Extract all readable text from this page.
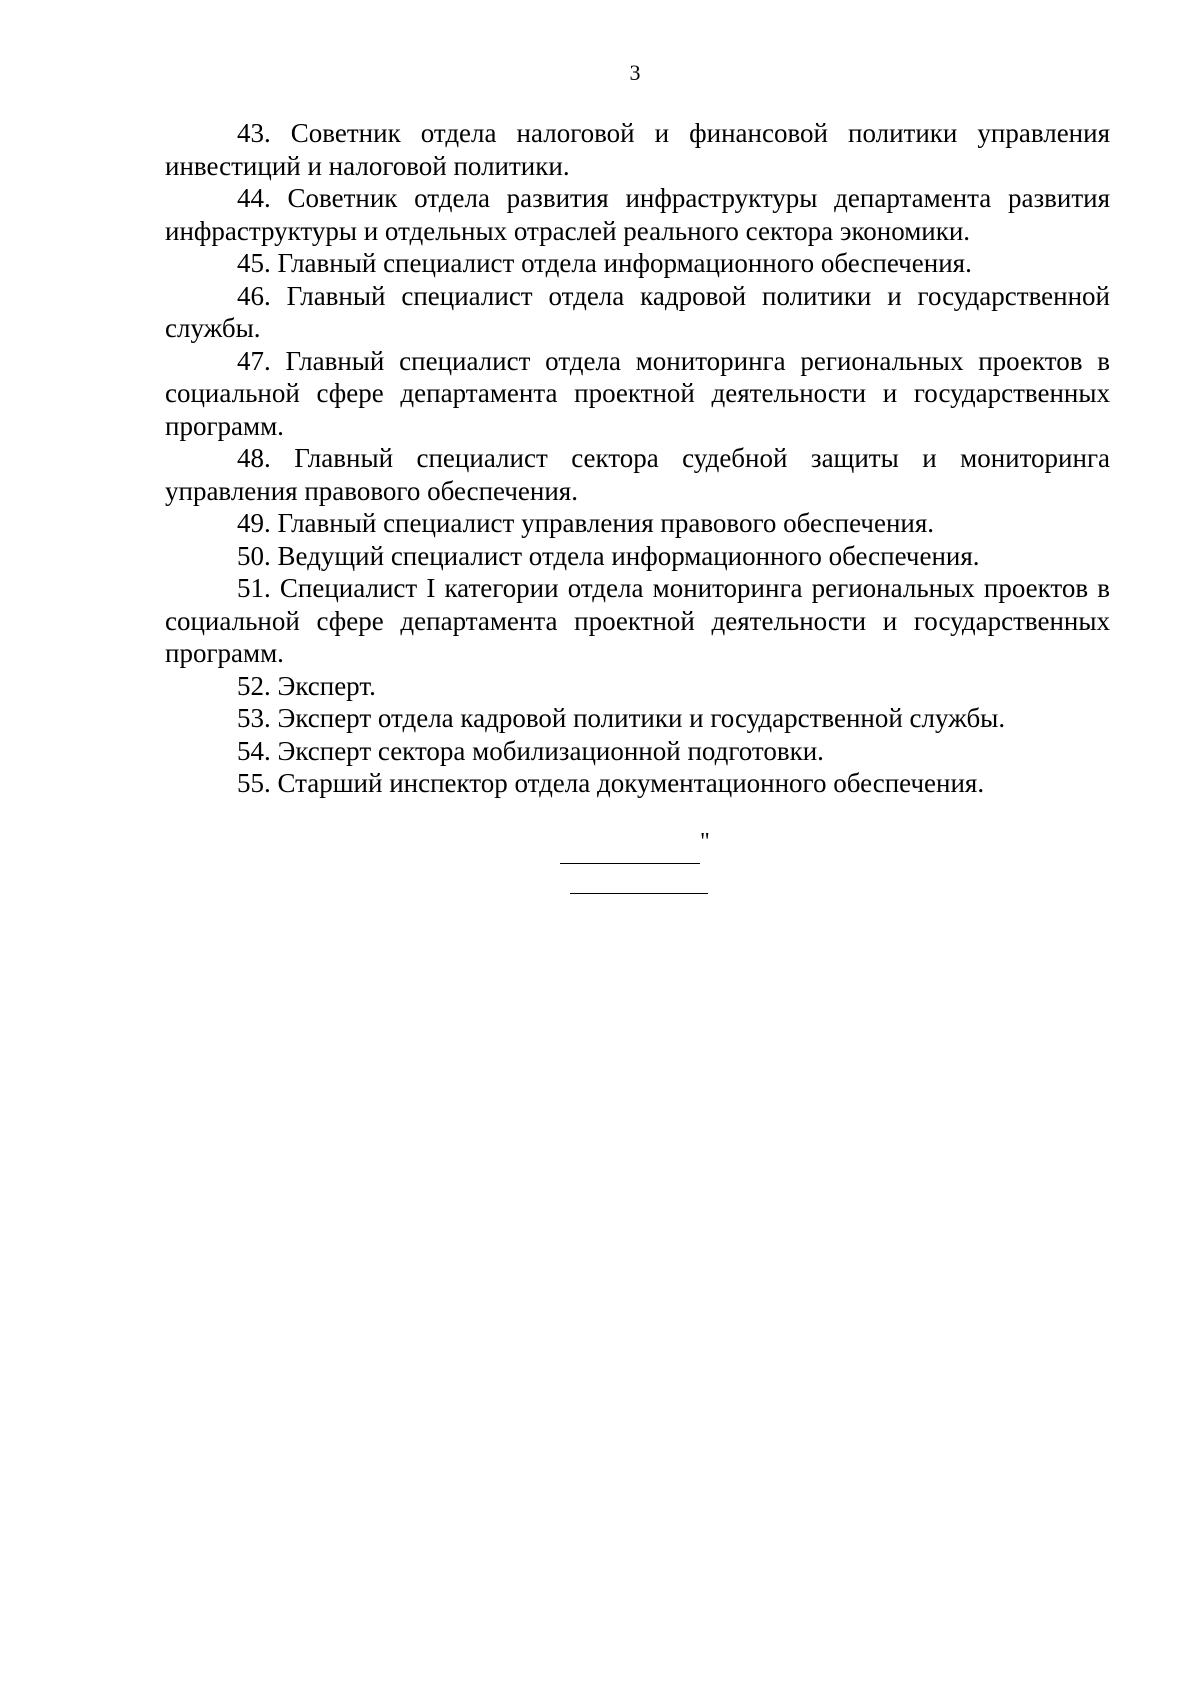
3

43. Советник отдела налоговой и финансовой политики управления инвестиций и налоговой политики.

44. Советник отдела развития инфраструктуры департамента развития инфраструктуры и отдельных отраслей реального сектора экономики.

45. Главный специалист отдела информационного обеспечения.

46. Главный специалист отдела кадровой политики и государственной службы.

47. Главный специалист отдела мониторинга региональных проектов в социальной сфере департамента проектной деятельности и государственных программ.

48. Главный специалист сектора судебной защиты и мониторинга управления правового обеспечения.

49. Главный специалист управления правового обеспечения.

50. Ведущий специалист отдела информационного обеспечения.

51. Специалист I категории отдела мониторинга региональных проектов в социальной сфере департамента проектной деятельности и государственных программ.

52. Эксперт.

53. Эксперт отдела кадровой политики и государственной службы.

54. Эксперт сектора мобилизационной подготовки.

55. Старший инспектор отдела документационного обеспечения.

"
